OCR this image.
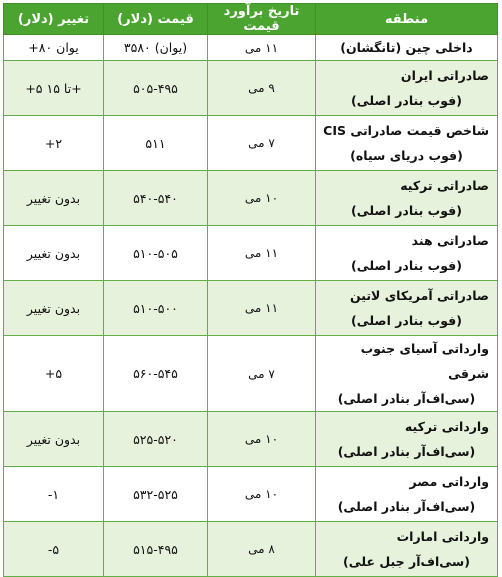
منطقه	تاریخ برآورد قیمت	قیمت (دلار)	تغییر (دلار)

داخلی چین (تانگشان)	۱۱ می	۳۵۸۰ (یوان)	+۸۰ یوان

صادراتی ایران
(فوب بنادر اصلی)	۹ می	۵۰۵-۴۹۵	+۵ تا ۱۵+

شاخص قیمت صادراتی CIS
(فوب دریای سیاه)	۷ می	۵۱۱	+۲

صادراتی ترکیه
(فوب بنادر اصلی)	۱۰ می	۵۴۰-۵۴۰	بدون تغییر

صادراتی هند
(فوب بنادر اصلی)	۱۱ می	۵۱۰-۵۰۵	بدون تغییر

صادراتی آمریکای لاتین
(فوب بنادر اصلی)	۱۱ می	۵۱۰-۵۰۰	بدون تغییر

وارداتی آسیای جنوب شرقی
(سی‌اف‌آر بنادر اصلی)	۷ می	۵۶۰-۵۴۵	+۵

وارداتی ترکیه
(سی‌اف‌آر بنادر اصلی)	۱۰ می	۵۲۵-۵۲۰	بدون تغییر

وارداتی مصر
(سی‌اف‌آر بنادر اصلی)	۱۰ می	۵۳۲-۵۲۵	-۱

وارداتی امارات
(سی‌اف‌آر جبل علی)	۸ می	۵۱۵-۴۹۵	-۵
